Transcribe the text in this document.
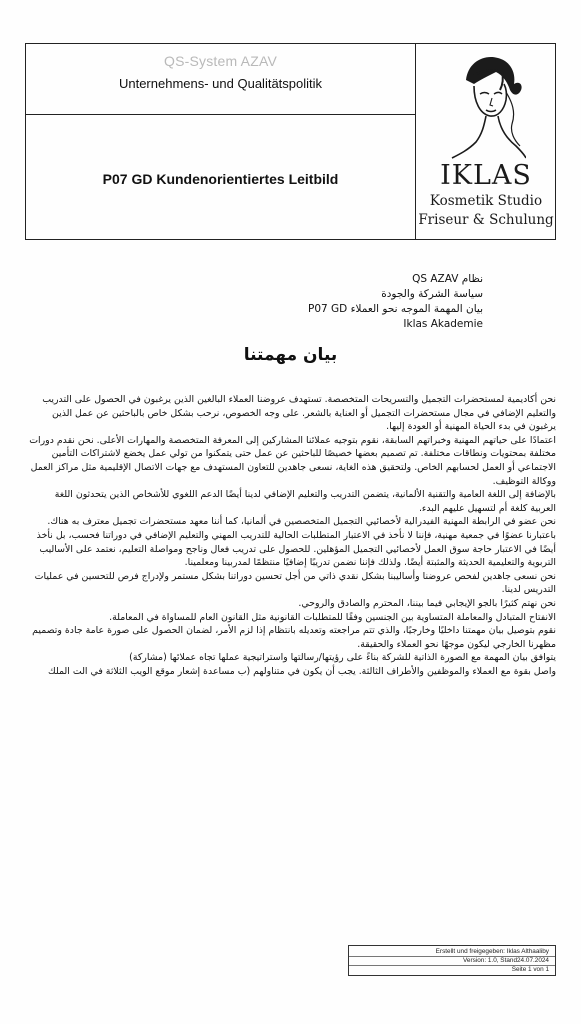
QS-System AZAV
Unternehmens- und Qualitätspolitik
P07 GD Kundenorientiertes Leitbild	IKLAS
Kosmetik Studio
Friseur & Schulung
نظام QS AZAV
سياسة الشركة والجودة
بيان المهمة الموجه نحو العملاء P07 GD
Iklas Akademie
بيان مهمتنا

نحن أكاديمية لمستحضرات التجميل والتسريحات المتخصصة. تستهدف عروضنا العملاء البالغين الذين يرغبون في الحصول على التدريب والتعليم الإضافي في مجال مستحضرات التجميل أو العناية بالشعر. على وجه الخصوص، نرحب بشكل خاص بالباحثين عن عمل الذين يرغبون في بدء الحياة المهنية أو العودة إليها.

اعتمادًا على حياتهم المهنية وخبراتهم السابقة، نقوم بتوجيه عملائنا المشاركين إلى المعرفة المتخصصة والمهارات الأعلى. نحن نقدم دورات مختلفة بمحتويات ونطاقات مختلفة. تم تصميم بعضها خصيصًا للباحثين عن عمل حتى يتمكنوا من تولي عمل يخضع لاشتراكات التأمين الاجتماعي أو العمل لحسابهم الخاص. ولتحقيق هذه الغاية، نسعى جاهدين للتعاون المستهدف مع جهات الاتصال الإقليمية مثل مراكز العمل ووكالة التوظيف.

بالإضافة إلى اللغة العامية والتقنية الألمانية، يتضمن التدريب والتعليم الإضافي لدينا أيضًا الدعم اللغوي للأشخاص الذين يتحدثون اللغة العربية كلغة أم لتسهيل عليهم البدء.

نحن عضو في الرابطة المهنية الفيدرالية لأخصائيي التجميل المتخصصين في ألمانيا، كما أننا معهد مستحضرات تجميل معترف به هناك. باعتبارنا عضوًا في جمعية مهنية، فإننا لا نأخذ في الاعتبار المتطلبات الحالية للتدريب المهني والتعليم الإضافي في دوراتنا فحسب، بل نأخذ أيضًا في الاعتبار حاجة سوق العمل لأخصائيي التجميل المؤهلين. للحصول على تدريب فعال وناجح ومواصلة التعليم، نعتمد على الأساليب التربوية والتعليمية الحديثة والمثبتة أيضًا. ولذلك فإننا نضمن تدريبًا إضافيًا منتظمًا لمدربينا ومعلمينا.

نحن نسعى جاهدين لفحص عروضنا وأساليبنا بشكل نقدي ذاتي من أجل تحسين دوراتنا بشكل مستمر ولإدراج فرص للتحسين في عمليات التدريس لدينا.

نحن نهتم كثيرًا بالجو الإيجابي فيما بيننا، المحترم والصادق والروحي.

الانفتاح المتبادل والمعاملة المتساوية بين الجنسين وفقًا للمتطلبات القانونية مثل القانون العام للمساواة في المعاملة.

نقوم بتوصيل بيان مهمتنا داخليًا وخارجيًا، والذي تتم مراجعته وتعديله بانتظام إذا لزم الأمر، لضمان الحصول على صورة عامة جادة وتصميم مظهرنا الخارجي ليكون موجهًا نحو العملاء والحقيقة.

يتوافق بيان المهمة مع الصورة الذاتية للشركة بناءً على رؤيتها/رسالتها واستراتيجية عملها تجاه عملائها (مشاركة)

واصل بقوة مع العملاء والموظفين والأطراف الثالثة. يجب أن يكون في متناولهم (ب مساعدة إشعار موقع الويب الثلاثة في الت الملك

Erstellt und freigegeben: Iklas Althaaliby
Version: 1.0, Stand24.07.2024
Seite 1 von 1
